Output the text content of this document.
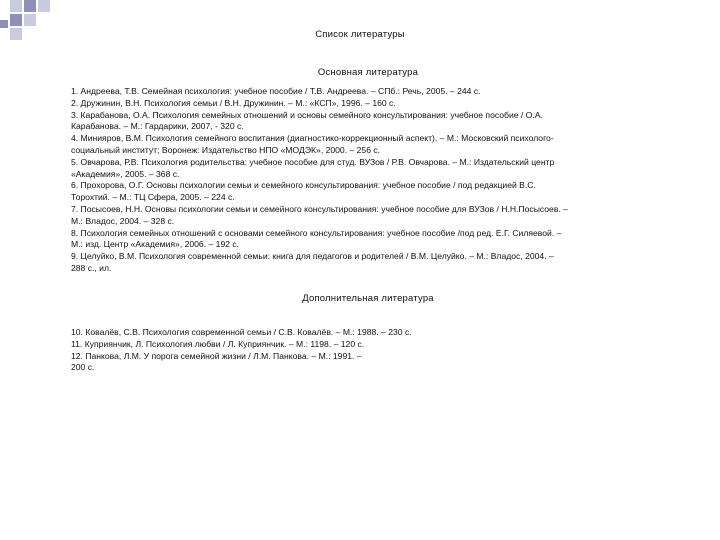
Список литературы
Основная литература
1. Андреева, Т.В. Семейная психология: учебное пособие / Т.В. Андреева. – СПб.: Речь, 2005. – 244 с.
2. Дружинин, В.Н. Психология семьи / В.Н. Дружинин. – М.: «КСП», 1996. – 160 с.
3. Карабанова, О.А. Психология семейных отношений и основы семейного консультирования: учебное пособие / О.А.
Карабанова. – М.: Гардарики, 2007, - 320 с.
4. Минияров, В.М. Психология семейного воспитания (диагностико-коррекционный аспект). – М.: Московский психолого-
социальный институт; Воронеж: Издательство НПО «МОДЭК», 2000. – 256 с.
5. Овчарова, Р.В. Психология родительства: учебное пособие для студ. ВУЗов / Р.В. Овчарова. – М.: Издательский центр
«Академия», 2005. – 368 с.
6. Прохорова, О.Г. Основы психологии семьи и семейного консультирования: учебное пособие / под редакцией В.С.
Торохтий. – М.: ТЦ Сфера, 2005. – 224 с.
7. Посысоев, Н.Н. Основы психологии семьи и семейного консультирования: учебное пособие для ВУЗов / Н.Н.Посысоев. –
М.: Владос, 2004. – 328 с.
8. Психология семейных отношений с основами семейного консультирования: учебное пособие /под ред. Е.Г. Силяевой. –
М.: изд. Центр «Академия», 2006. – 192 с.
9. Целуйко, В.М. Психология современной семьи: книга для педагогов и родителей / В.М. Целуйко. – М.: Владос, 2004. –
288 с., ил.
Дополнительная литература
10. Ковалёв, С.В. Психология современной семьи / С.В. Ковалёв. – М.: 1988. – 230 с.
11. Куприянчик, Л. Психология любви / Л. Куприянчик. – М.: 1198. – 120 с.
12. Панкова, Л.М. У порога семейной жизни / Л.М. Панкова. – М.: 1991. –
200 с.
